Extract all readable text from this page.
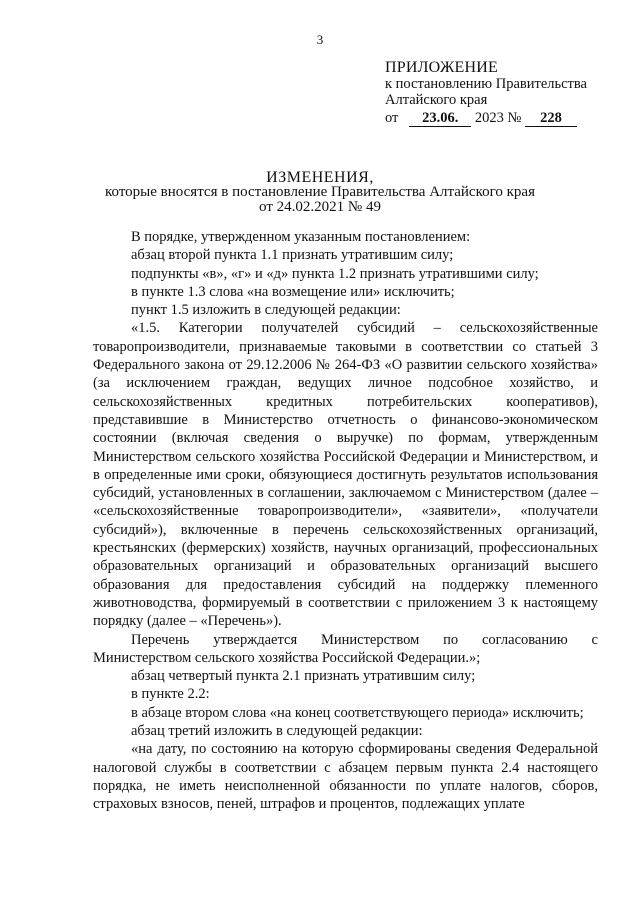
3
ПРИЛОЖЕНИЕ
к постановлению Правительства
Алтайского края
от 23.06. 2023 № 228
ИЗМЕНЕНИЯ,
которые вносятся в постановление Правительства Алтайского края
от 24.02.2021 № 49

В порядке, утвержденном указанным постановлением:

абзац второй пункта 1.1 признать утратившим силу;

подпункты «в», «г» и «д» пункта 1.2 признать утратившими силу;

в пункте 1.3 слова «на возмещение или» исключить;

пункт 1.5 изложить в следующей редакции:

«1.5. Категории получателей субсидий – сельскохозяйственные товаропроизводители, признаваемые таковыми в соответствии со статьей 3 Федерального закона от 29.12.2006 № 264-ФЗ «О развитии сельского хозяйства» (за исключением граждан, ведущих личное подсобное хозяйство, и сельскохозяйственных кредитных потребительских кооперативов), представившие в Министерство отчетность о финансово-экономическом состоянии (включая сведения о выручке) по формам, утвержденным Министерством сельского хозяйства Российской Федерации и Министерством, и в определенные ими сроки, обязующиеся достигнуть результатов использования субсидий, установленных в соглашении, заключаемом с Министерством (далее – «сельскохозяйственные товаропроизводители», «заявители», «получатели субсидий»), включенные в перечень сельскохозяйственных организаций, крестьянских (фермерских) хозяйств, научных организаций, профессиональных образовательных организаций и образовательных организаций высшего образования для предоставления субсидий на поддержку племенного животноводства, формируемый в соответствии с приложением 3 к настоящему порядку (далее – «Перечень»).

Перечень утверждается Министерством по согласованию с Министерством сельского хозяйства Российской Федерации.»;

абзац четвертый пункта 2.1 признать утратившим силу;

в пункте 2.2:

в абзаце втором слова «на конец соответствующего периода» исключить;

абзац третий изложить в следующей редакции:

«на дату, по состоянию на которую сформированы сведения Федеральной налоговой службы в соответствии с абзацем первым пункта 2.4 настоящего порядка, не иметь неисполненной обязанности по уплате налогов, сборов, страховых взносов, пеней, штрафов и процентов, подлежащих уплате
